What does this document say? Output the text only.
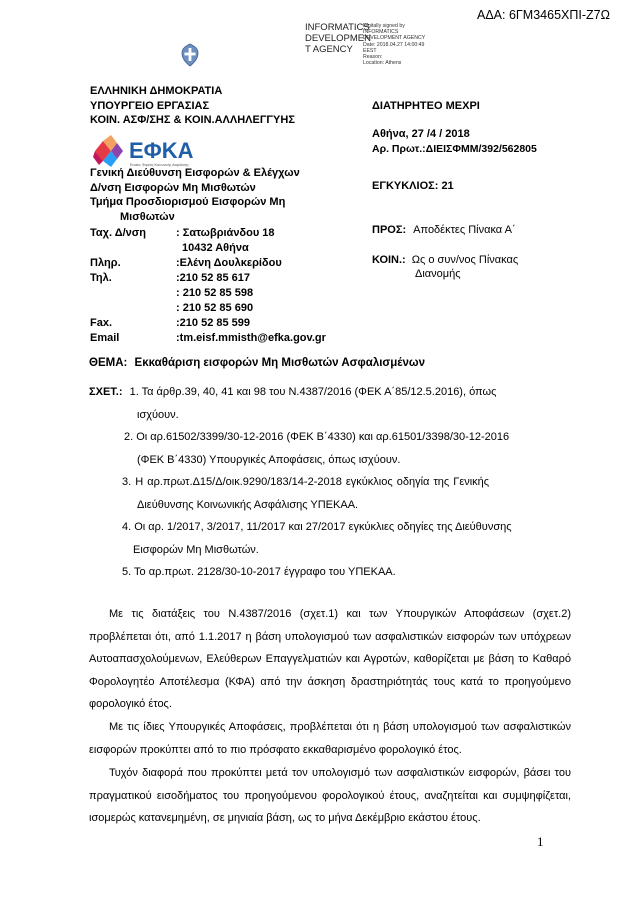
ΑΔΑ: 6ΓΜ3465ΧΠΙ-Ζ7Ω
INFORMATICS
DEVELOPMEN
T AGENCY
Digitally signed by
INFORMATICS
DEVELOPMENT AGENCY
Date: 2018.04.27 14:00:49
EEST
Reason:
Location: Athens
ΕΛΛΗΝΙΚΗ ΔΗΜΟΚΡΑΤΙΑ
ΥΠΟΥΡΓΕΙΟ ΕΡΓΑΣΙΑΣ
ΚΟΙΝ. ΑΣΦ/ΣΗΣ & ΚΟΙΝ.ΑΛΛΗΛΕΓΓΥΗΣ
ΕΦΚΑ
Ενιαίος Φορέας Κοινωνικής Ασφάλισης
Γενική Διεύθυνση Εισφορών & Ελέγχων
Δ/νση Εισφορών Μη Μισθωτών
Τμήμα Προσδιορισμού Εισφορών Μη
Μισθωτών
Ταχ. Δ/νση	: Σατωβριάνδου 18
10432 Αθήνα
Πληρ.	:Ελένη Δουλκερίδου
Τηλ.	:210 52 85 617
: 210 52 85 598
: 210 52 85 690
Fax.	:210 52 85 599
Email	:tm.eisf.mmisth@efka.gov.gr
ΔΙΑΤΗΡΗΤΕΟ ΜΕΧΡΙ
Αθήνα, 27 /4 / 2018
Αρ. Πρωτ.:ΔΙΕΙΣΦΜΜ/392/562805
ΕΓΚΥΚΛΙΟΣ: 21
ΠΡΟΣ: Αποδέκτες Πίνακα Α΄
ΚΟΙΝ.: Ως ο συν/νος Πίνακας
Διανομής
ΘΕΜΑ: Εκκαθάριση εισφορών Μη Μισθωτών Ασφαλισμένων
ΣΧΕΤ.: 1. Τα άρθρ.39, 40, 41 και 98 του Ν.4387/2016 (ΦΕΚ Α΄85/12.5.2016), όπως
ισχύουν.
2. Οι αρ.61502/3399/30-12-2016 (ΦΕΚ Β΄4330) και αρ.61501/3398/30-12-2016
(ΦΕΚ Β΄4330) Υπουργικές Αποφάσεις, όπως ισχύουν.
3. Η αρ.πρωτ.Δ15/Δ/οικ.9290/183/14-2-2018 εγκύκλιος οδηγία της Γενικής
Διεύθυνσης Κοινωνικής Ασφάλισης ΥΠΕΚΑΑ.
4. Οι αρ. 1/2017, 3/2017, 11/2017 και 27/2017 εγκύκλιες οδηγίες της Διεύθυνσης
Εισφορών Μη Μισθωτών.
5. Το αρ.πρωτ. 2128/30-10-2017 έγγραφο του ΥΠΕΚΑΑ.
Με τις διατάξεις του Ν.4387/2016 (σχετ.1) και των Υπουργικών Αποφάσεων (σχετ.2) προβλέπεται ότι, από 1.1.2017 η βάση υπολογισμού των ασφαλιστικών εισφορών των υπόχρεων Αυτοαπασχολούμενων, Ελεύθερων Επαγγελματιών και Αγροτών, καθορίζεται με βάση το Καθαρό Φορολογητέο Αποτέλεσμα (ΚΦΑ) από την άσκηση δραστηριότητάς τους κατά το προηγούμενο φορολογικό έτος.
Με τις ίδιες Υπουργικές Αποφάσεις, προβλέπεται ότι η βάση υπολογισμού των ασφαλιστικών εισφορών προκύπτει από το πιο πρόσφατο εκκαθαρισμένο φορολογικό έτος.
Τυχόν διαφορά που προκύπτει μετά τον υπολογισμό των ασφαλιστικών εισφορών, βάσει του πραγματικού εισοδήματος του προηγούμενου φορολογικού έτους, αναζητείται και συμψηφίζεται, ισομερώς κατανεμημένη, σε μηνιαία βάση, ως το μήνα Δεκέμβριο εκάστου έτους.
1
